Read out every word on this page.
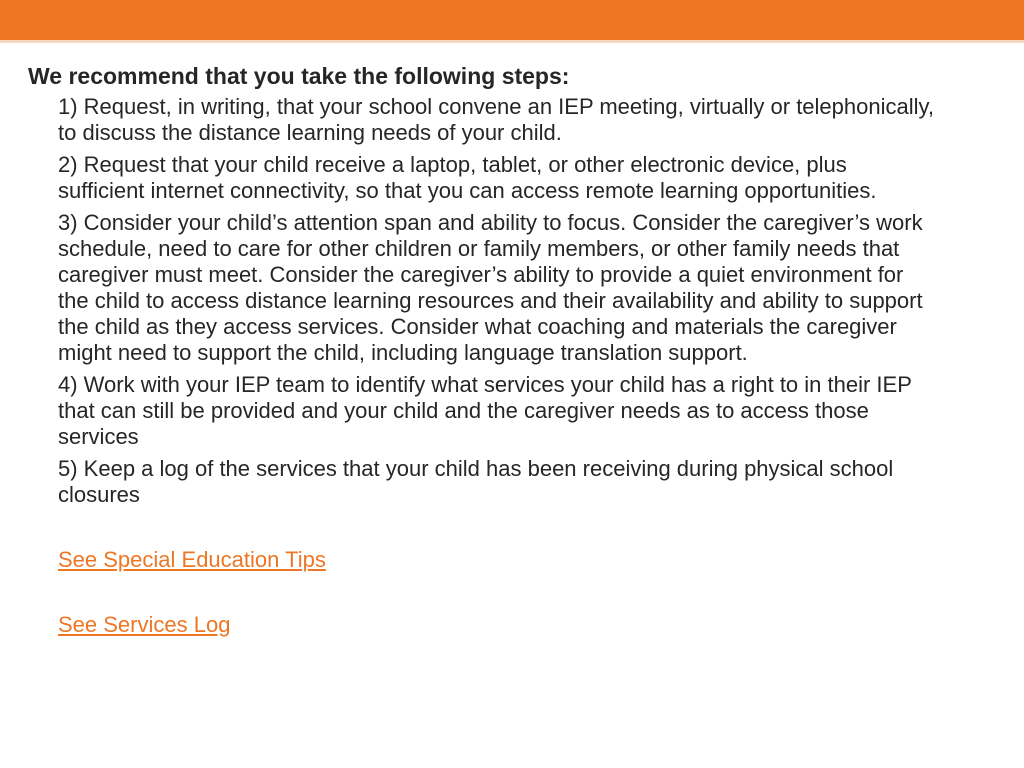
We recommend that you take the following steps:

1) Request, in writing, that your school convene an IEP meeting, virtually or telephonically, to discuss the distance learning needs of your child.
2) Request that your child receive a laptop, tablet, or other electronic device, plus sufficient internet connectivity, so that you can access remote learning opportunities.
3) Consider your child’s attention span and ability to focus. Consider the caregiver’s work schedule, need to care for other children or family members, or other family needs that caregiver must meet. Consider the caregiver’s ability to provide a quiet environment for the child to access distance learning resources and their availability and ability to support the child as they access services. Consider what coaching and materials the caregiver might need to support the child, including language translation support.
4) Work with your IEP team to identify what services your child has a right to in their IEP that can still be provided and your child and the caregiver needs as to access those services
5) Keep a log of the services that your child has been receiving during physical school closures
See Special Education Tips
See Services Log
